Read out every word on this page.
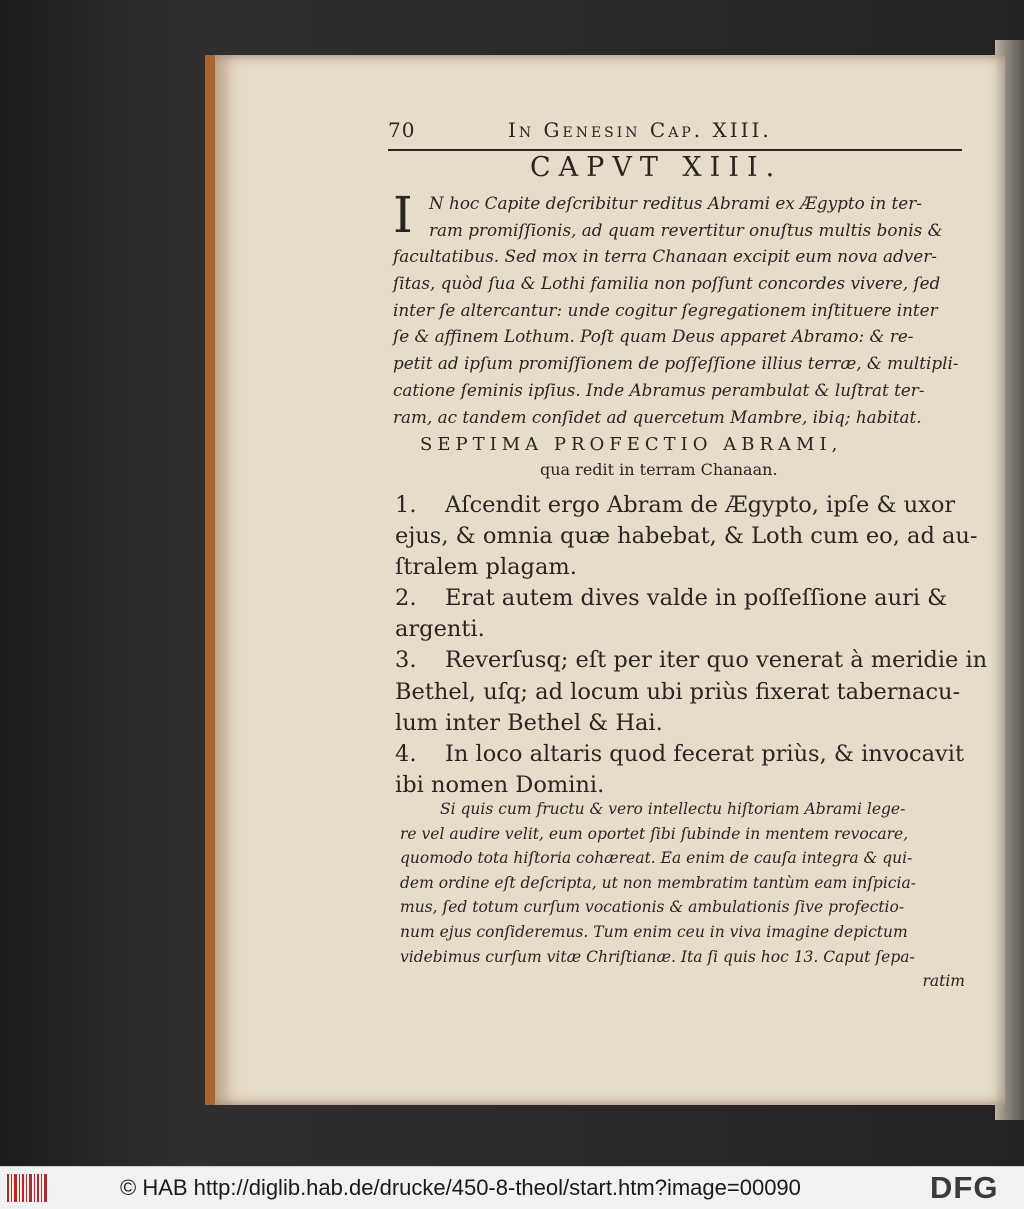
70	In Genesin Cap. XIII.
CAPVT XIII.
I N hoc Capite deſcribitur reditus Abrami ex Ægypto in ter-
ram promiſſionis, ad quam revertitur onuſtus multis bonis &
facultatibus. Sed mox in terra Chanaan excipit eum nova adver-
ſitas, quòd ſua & Lothi familia non poſſunt concordes vivere, ſed
inter ſe altercantur: unde cogitur ſegregationem inſtituere inter
ſe & affinem Lothum. Poſt quam Deus apparet Abramo: & re-
petit ad ipſum promiſſionem de poſſeſſione illius terræ, & multipli-
catione ſeminis ipſius. Inde Abramus perambulat & luſtrat ter-
ram, ac tandem conſidet ad quercetum Mambre, ibiq; habitat.
SEPTIMA PROFECTIO ABRAMI,
qua redit in terram Chanaan.
1. Aſcendit ergo Abram de Ægypto, ipſe & uxor
ejus, & omnia quæ habebat, & Loth cum eo, ad au-
ſtralem plagam.
2. Erat autem dives valde in poſſeſſione auri &
argenti.
3. Reverſusq; eſt per iter quo venerat à meridie in
Bethel, uſq; ad locum ubi priùs fixerat tabernacu-
lum inter Bethel & Hai.
4. In loco altaris quod fecerat priùs, & invocavit
ibi nomen Domini.
Si quis cum fructu & vero intellectu hiſtoriam Abrami lege-
re vel audire velit, eum oportet ſibi ſubinde in mentem revocare,
quomodo tota hiſtoria cohæreat. Ea enim de cauſa integra & qui-
dem ordine eſt deſcripta, ut non membratim tantùm eam inſpicia-
mus, ſed totum curſum vocationis & ambulationis ſive profectio-
num ejus conſideremus. Tum enim ceu in viva imagine depictum
videbimus curſum vitæ Chriſtianæ. Ita ſi quis hoc 13. Caput ſepa-
ratim
© HAB http://diglib.hab.de/drucke/450-8-theol/start.htm?image=00090	DFG
